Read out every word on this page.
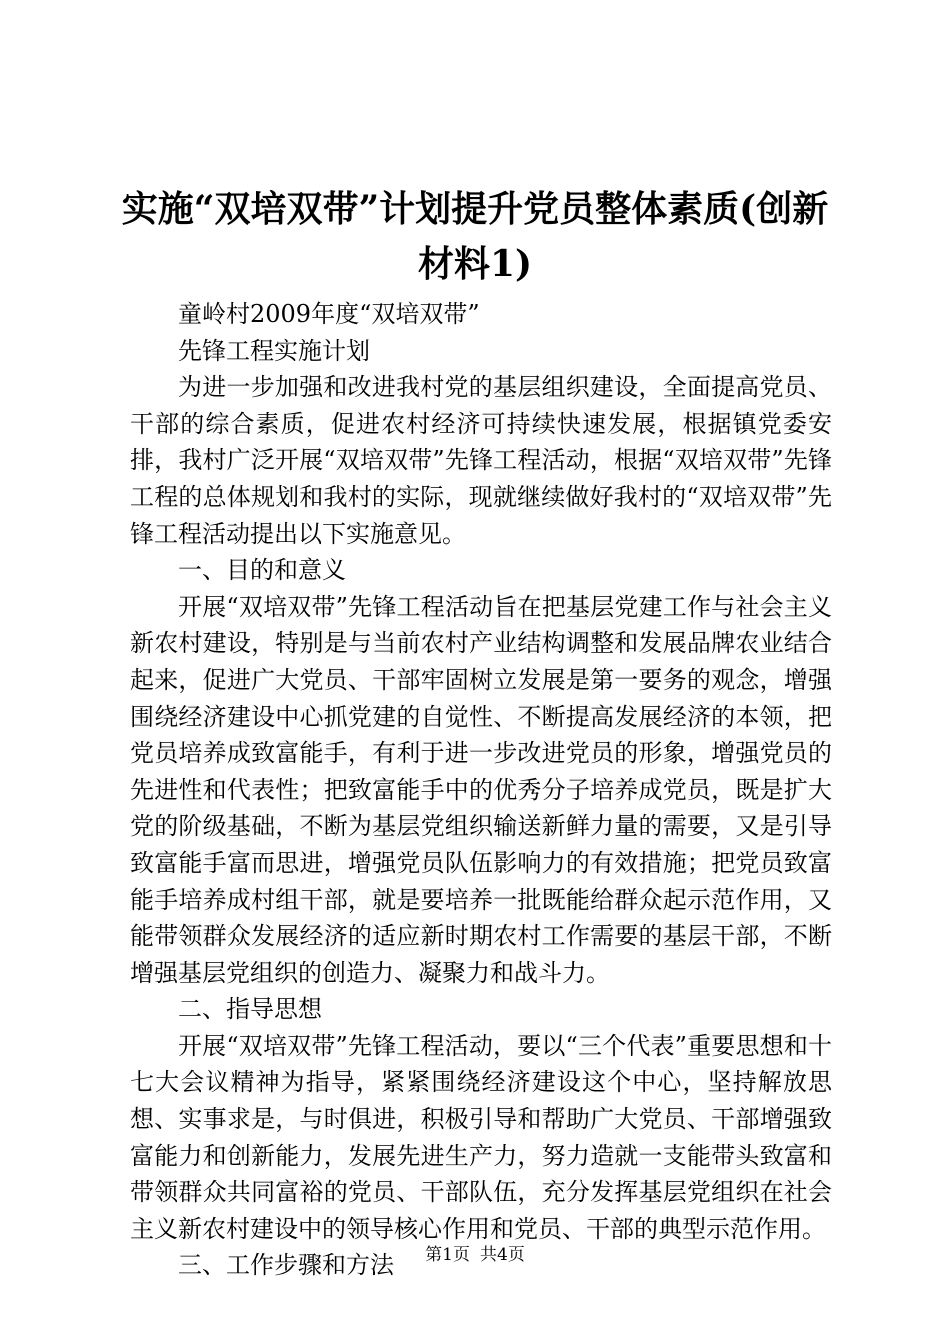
实施“双培双带”计划提升党员整体素质(创新材料1)

童岭村2009年度“双培双带”

先锋工程实施计划

为进一步加强和改进我村党的基层组织建设，全面提高党员、干部的综合素质，促进农村经济可持续快速发展，根据镇党委安排，我村广泛开展“双培双带”先锋工程活动，根据“双培双带”先锋工程的总体规划和我村的实际，现就继续做好我村的“双培双带”先锋工程活动提出以下实施意见。

一、目的和意义

开展“双培双带”先锋工程活动旨在把基层党建工作与社会主义新农村建设，特别是与当前农村产业结构调整和发展品牌农业结合起来，促进广大党员、干部牢固树立发展是第一要务的观念，增强围绕经济建设中心抓党建的自觉性、不断提高发展经济的本领，把党员培养成致富能手，有利于进一步改进党员的形象，增强党员的先进性和代表性；把致富能手中的优秀分子培养成党员，既是扩大党的阶级基础，不断为基层党组织输送新鲜力量的需要，又是引导致富能手富而思进，增强党员队伍影响力的有效措施；把党员致富能手培养成村组干部，就是要培养一批既能给群众起示范作用，又能带领群众发展经济的适应新时期农村工作需要的基层干部，不断增强基层党组织的创造力、凝聚力和战斗力。

二、指导思想

开展“双培双带”先锋工程活动，要以“三个代表”重要思想和十七大会议精神为指导，紧紧围绕经济建设这个中心，坚持解放思想、实事求是，与时俱进，积极引导和帮助广大党员、干部增强致富能力和创新能力，发展先进生产力，努力造就一支能带头致富和带领群众共同富裕的党员、干部队伍，充分发挥基层党组织在社会主义新农村建设中的领导核心作用和党员、干部的典型示范作用。

三、工作步骤和方法	第1页 共4页
